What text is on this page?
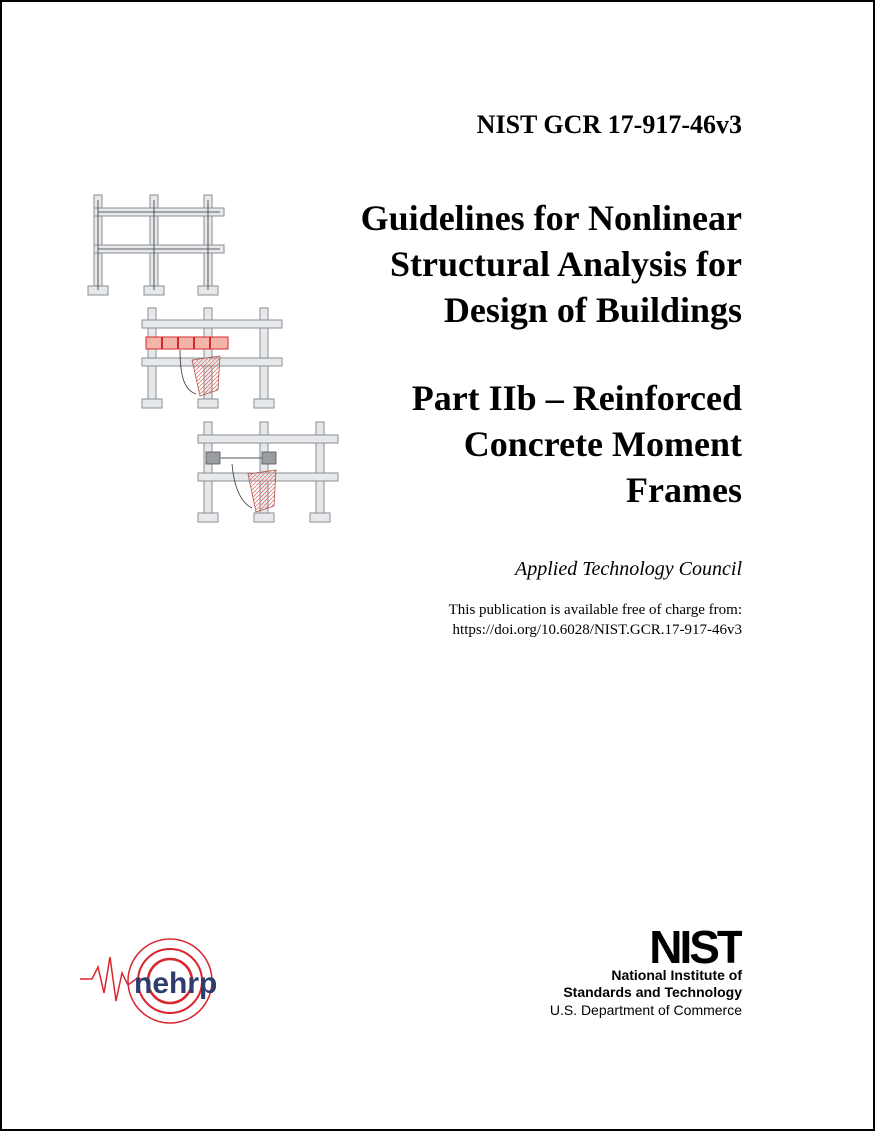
NIST GCR 17-917-46v3
Guidelines for Nonlinear
Structural Analysis for
Design of Buildings
Part IIb – Reinforced
Concrete Moment
Frames
Applied Technology Council
This publication is available free of charge from:
https://doi.org/10.6028/NIST.GCR.17-917-46v3
nehrp
NIST
National Institute of
Standards and Technology
U.S. Department of Commerce
